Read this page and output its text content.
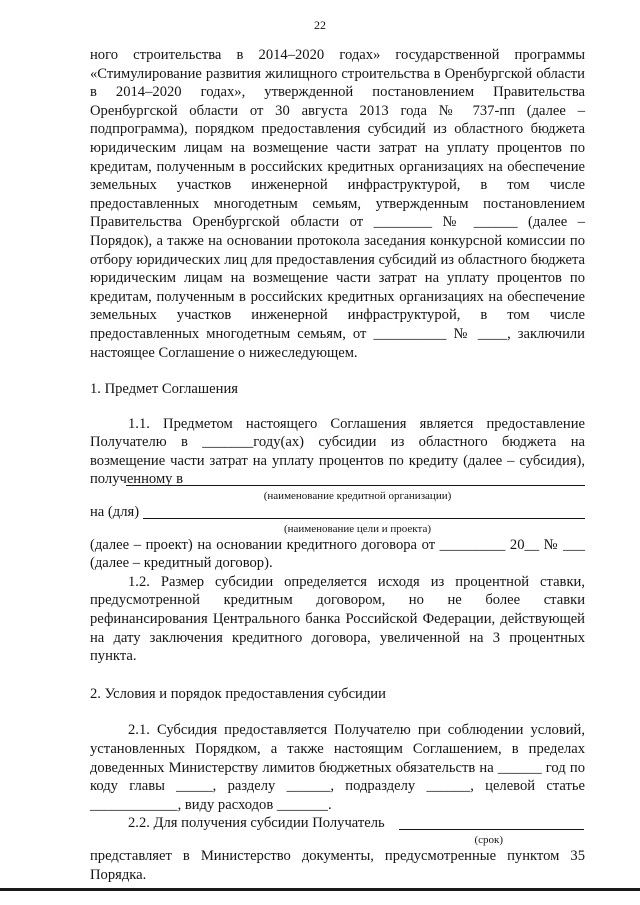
22

ного строительства в 2014–2020 годах» государственной программы «Стимулирование развития жилищного строительства в Оренбургской области в 2014–2020 годах», утвержденной постановлением Правительства Оренбургской области от 30 августа 2013 года № 737-пп (далее – подпрограмма), порядком предоставления субсидий из областного бюджета юридическим лицам на возмещение части затрат на уплату процентов по кредитам, полученным в российских кредитных организациях на обеспечение земельных участков инженерной инфраструктурой, в том числе предоставленных многодетным семьям, утвержденным постановлением Правительства Оренбургской области от ________ № ______ (далее – Порядок), а также на основании протокола заседания конкурсной комиссии по отбору юридических лиц для предоставления субсидий из областного бюджета юридическим лицам на возмещение части затрат на уплату процентов по кредитам, полученным в российских кредитных организациях на обеспечение земельных участков инженерной инфраструктурой, в том числе предоставленных многодетным семьям, от __________ № ____, заключили настоящее Соглашение о нижеследующем.

1. Предмет Соглашения

1.1. Предметом настоящего Соглашения является предоставление Получателю в _______году(ах) субсидии из областного бюджета на возмещение части затрат на уплату процентов по кредиту (далее – субсидия), полученному в

(наименование кредитной организации)
на (для)
(наименование цели и проекта)

(далее – проект) на основании кредитного договора от _________ 20__ № ___ (далее – кредитный договор).

1.2. Размер субсидии определяется исходя из процентной ставки, предусмотренной кредитным договором, но не более ставки рефинансирования Центрального банка Российской Федерации, действующей на дату заключения кредитного договора, увеличенной на 3 процентных пункта.

2. Условия и порядок предоставления субсидии

2.1. Субсидия предоставляется Получателю при соблюдении условий, установленных Порядком, а также настоящим Соглашением, в пределах доведенных Министерству лимитов бюджетных обязательств на ______ год по коду главы _____, разделу ______, подразделу ______, целевой статье ____________, виду расходов _______.

2.2. Для получения субсидии Получатель
(срок)

представляет в Министерство документы, предусмотренные пунктом 35 Порядка.
